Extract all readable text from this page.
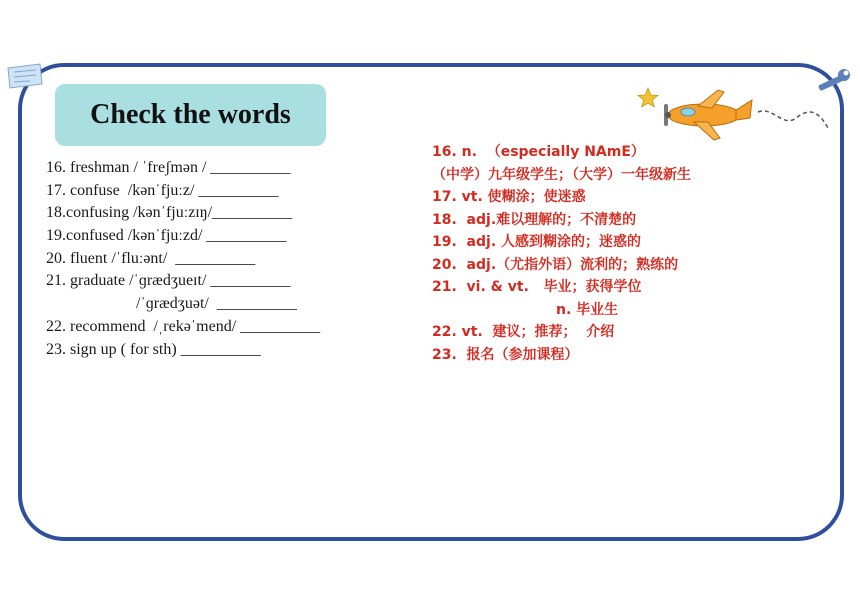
Check the words
16. freshman / ˈfreʃmən / __________
17. confuse  /kənˈfjuːz/ __________
18.confusing /kənˈfjuːzɪŋ/__________
19.confused /kənˈfjuːzd/ __________
20. fluent /ˈfluːənt/  __________
21. graduate /ˈɡrædʒueɪt/ __________
/ˈɡrædʒuət/  __________
22. recommend  /ˌrekəˈmend/ __________
23. sign up ( for sth) __________
16. n.  （especially NAmE）
（中学）九年级学生；（大学）一年级新生
17. vt. 使糊涂；使迷惑
18.  adj.难以理解的；不清楚的
19.  adj. 人感到糊涂的；迷惑的
20.  adj.（尤指外语）流利的；熟练的
21.  vi. & vt.   毕业；获得学位
n. 毕业生
22. vt.  建议；推荐；  介绍
23.  报名（参加课程）
